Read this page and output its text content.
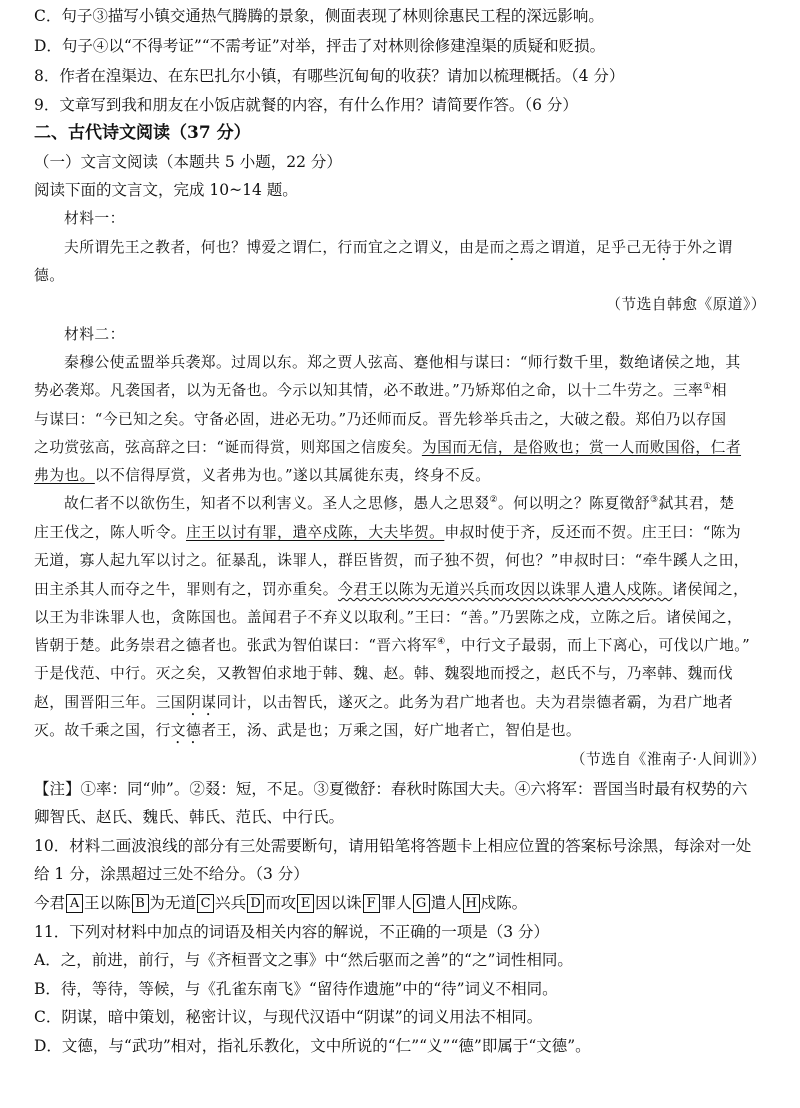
C．句子③描写小镇交通热气腾腾的景象，侧面表现了林则徐惠民工程的深远影响。
D．句子④以“不得考证”“不需考证”对举，抨击了对林则徐修建湟渠的质疑和贬损。
8．作者在湟渠边、在东巴扎尔小镇，有哪些沉甸甸的收获？请加以梳理概括。（4 分）
9．文章写到我和朋友在小饭店就餐的内容，有什么作用？请简要作答。（6 分）
二、古代诗文阅读（37 分）
（一）文言文阅读（本题共 5 小题，22 分）
阅读下面的文言文，完成 10~14 题。
材料一：
夫所谓先王之教者，何也？博爱之谓仁，行而宜之之谓义，由是而之焉之谓道，足乎己无待于外之谓
德。
（节选自韩愈《原道》）
材料二：
秦穆公使孟盟举兵袭郑。过周以东。郑之贾人弦高、蹇他相与谋曰：“师行数千里，数绝诸侯之地，其
势必袭郑。凡袭国者，以为无备也。今示以知其情，必不敢进。”乃矫郑伯之命，以十二牛劳之。三率①相
与谋曰：“今已知之矣。守备必固，进必无功。”乃还师而反。晋先轸举兵击之，大破之殽。郑伯乃以存国
之功赏弦高，弦高辞之曰：“诞而得赏，则郑国之信废矣。为国而无信，是俗败也；赏一人而败国俗，仁者
弗为也。以不信得厚赏，义者弗为也。”遂以其属徙东夷，终身不反。
故仁者不以欲伤生，知者不以利害义。圣人之思修，愚人之思叕②。何以明之？陈夏徵舒③弑其君，楚
庄王伐之，陈人听令。庄王以讨有罪，遣卒戍陈，大夫毕贺。申叔时使于齐，反还而不贺。庄王曰：“陈为
无道，寡人起九军以讨之。征暴乱，诛罪人，群臣皆贺，而子独不贺，何也？”申叔时曰：“牵牛蹊人之田，
田主杀其人而夺之牛，罪则有之，罚亦重矣。今君王以陈为无道兴兵而攻因以诛罪人遣人戍陈。诸侯闻之，
以王为非诛罪人也，贪陈国也。盖闻君子不弃义以取利。”王曰：“善。”乃罢陈之戍，立陈之后。诸侯闻之，
皆朝于楚。此务崇君之德者也。张武为智伯谋曰：“晋六将军④，中行文子最弱，而上下离心，可伐以广地。”
于是伐范、中行。灭之矣，又教智伯求地于韩、魏、赵。韩、魏裂地而授之，赵氏不与，乃率韩、魏而伐
赵，围晋阳三年。三国阴谋同计，以击智氏，遂灭之。此务为君广地者也。夫为君崇德者霸，为君广地者
灭。故千乘之国，行文德者王，汤、武是也；万乘之国，好广地者亡，智伯是也。
（节选自《淮南子·人间训》）
【注】①率：同“帅”。②叕：短，不足。③夏徵舒：春秋时陈国大夫。④六将军：晋国当时最有权势的六
卿智氏、赵氏、魏氏、韩氏、范氏、中行氏。
10．材料二画波浪线的部分有三处需要断句，请用铅笔将答题卡上相应位置的答案标号涂黑，每涂对一处
给 1 分，涂黑超过三处不给分。（3 分）
今君 A 王以陈 B 为无道 C 兴兵 D 而攻 E 因以诛 F 罪人 G 遣人 H 戍陈。
11．下列对材料中加点的词语及相关内容的解说，不正确的一项是（3 分）
A．之，前进，前行，与《齐桓晋文之事》中“然后驱而之善”的“之”词性相同。
B．待，等待，等候，与《孔雀东南飞》“留待作遗施”中的“待”词义不相同。
C．阴谋，暗中策划，秘密计议，与现代汉语中“阴谋”的词义用法不相同。
D．文德，与“武功”相对，指礼乐教化，文中所说的“仁”“义”“德”即属于“文德”。
